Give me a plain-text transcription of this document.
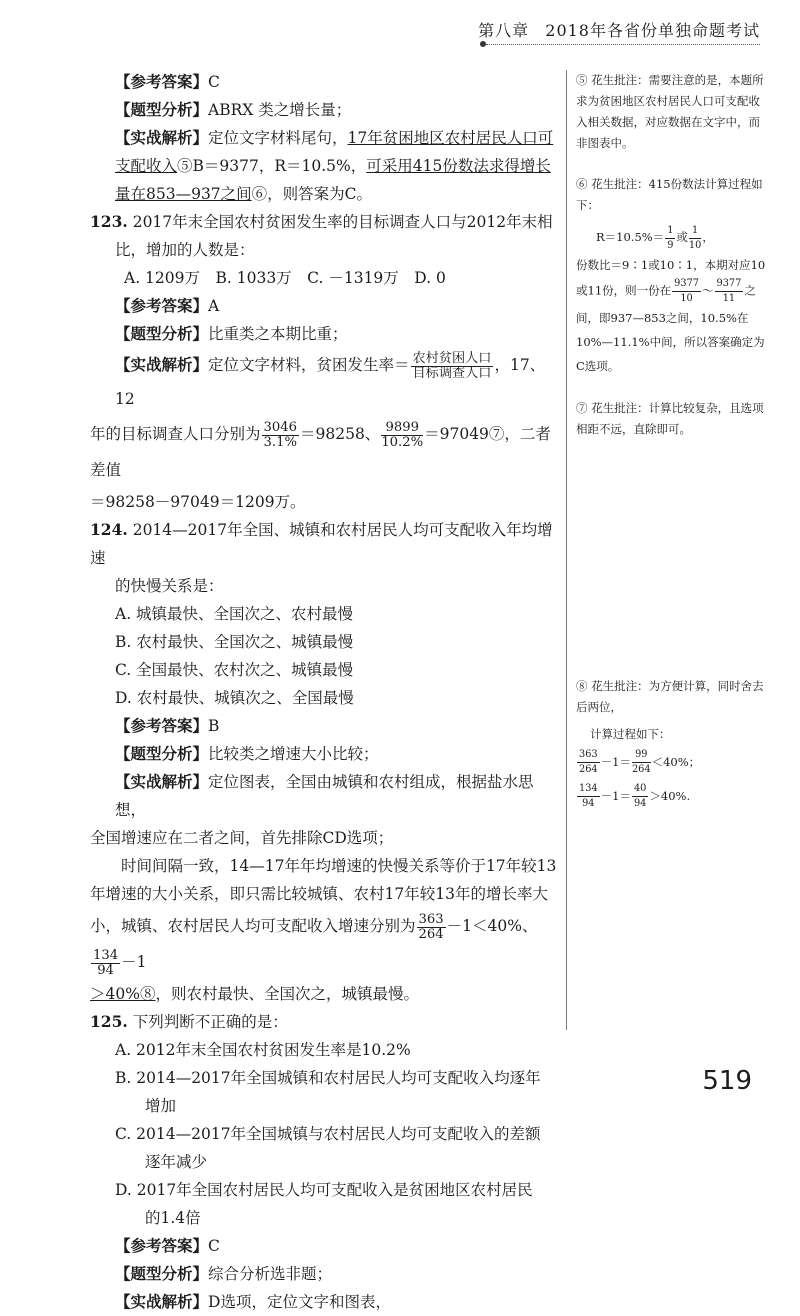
第八章 2018年各省份单独命题考试

【参考答案】C

【题型分析】ABRX 类之增长量；

【实战解析】定位文字材料尾句，17年贫困地区农村居民人口可支配收入⑤B＝9377，R＝10.5%，可采用415份数法求得增长量在853—937之间⑥，则答案为C。

123. 2017年末全国农村贫困发生率的目标调查人口与2012年末相

比，增加的人数是：

A. 1209万　B. 1033万　C. －1319万　D. 0

【参考答案】A

【题型分析】比重类之本期比重；

【实战解析】定位文字材料，贫困发生率＝ $\frac{\text{农村贫困人口}}{\text{目标调查人口}}$ ，17、12

年的目标调查人口分别为 $\frac{3046}{3.1\%} =98258$、 $\frac{9899}{10.2\%}$ ＝97049⑦，二者差值

＝98258－97049＝1209万。

124. 2014—2017年全国、城镇和农村居民人均可支配收入年均增速

的快慢关系是：

A. 城镇最快、全国次之、农村最慢

B. 农村最快、全国次之、城镇最慢

C. 全国最快、农村次之、城镇最慢

D. 农村最快、城镇次之、全国最慢

【参考答案】B

【题型分析】比较类之增速大小比较；

【实战解析】定位图表，全国由城镇和农村组成，根据盐水思想，

全国增速应在二者之间，首先排除CD选项；

时间间隔一致，14—17年年均增速的快慢关系等价于17年较13

年增速的大小关系，即只需比较城镇、农村17年较13年的增长率大

小，城镇、农村居民人均可支配收入增速分别为 $\frac{363}{264} -1<40\%$、
$\frac{134}{94} -1$

＞40%⑧，则农村最快、全国次之，城镇最慢。

125. 下列判断不正确的是：

A. 2012年末全国农村贫困发生率是10.2%

B. 2014—2017年全国城镇和农村居民人均可支配收入均逐年

增加

C. 2014—2017年全国城镇与农村居民人均可支配收入的差额

逐年减少

D. 2017年全国农村居民人均可支配收入是贫困地区农村居民

的1.4倍

【参考答案】C

【题型分析】综合分析选非题；

【实战解析】D选项，定位文字和图表，

⑤ 花生批注：需要注意的是，本题所求为贫困地区农村居民人口可支配收入相关数据，对应数据在文字中，而非图表中。

⑥ 花生批注：415份数法计算过程如下：

$R=10.5\%= \frac{1}{9}$ 或 $\frac{1}{10}$ ，

份数比＝9∶1或10∶1，本期对应10或11份，则一份在 $\frac{9377}{10}$ ～ $\frac{9377}{11}$ 之间，即937—853之间，10.5%在10%—11.1%中间，所以答案确定为C选项。

⑦ 花生批注：计算比较复杂，且选项相距不远，直除即可。

⑧ 花生批注：为方便计算，同时舍去后两位，

计算过程如下：

$\frac{363}{264} -1= \frac{99}{264} <40\%$；

$\frac{134}{94} -1= \frac{40}{94} >40\%$.

519
